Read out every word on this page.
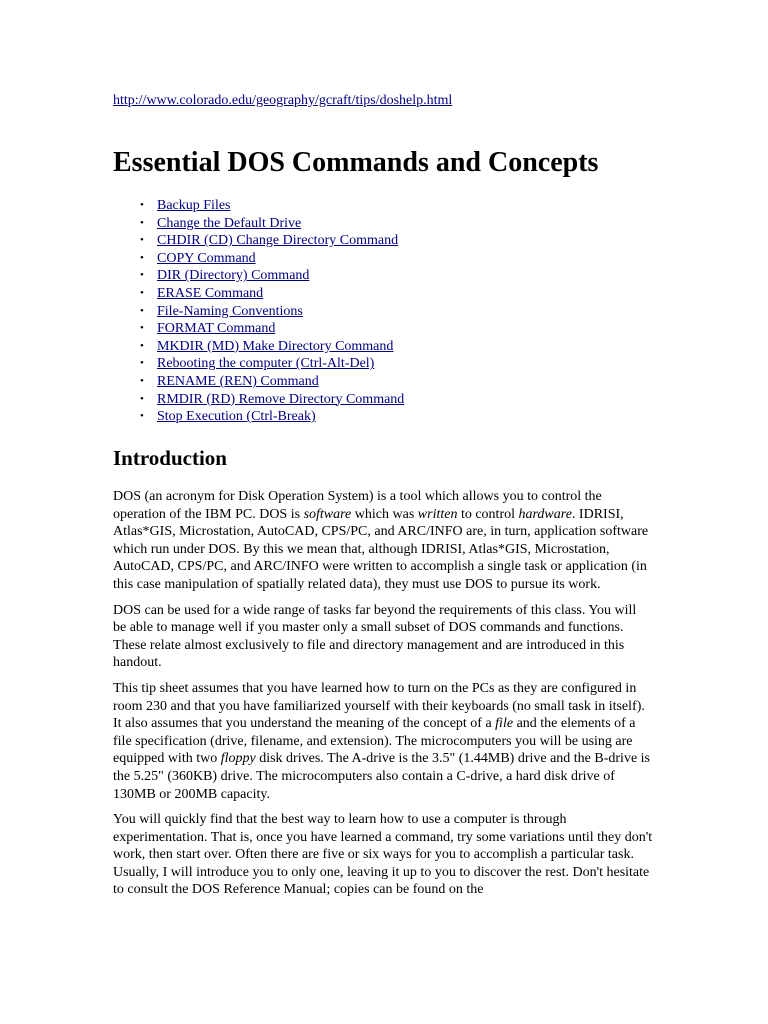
http://www.colorado.edu/geography/gcraft/tips/doshelp.html
Essential DOS Commands and Concepts
• Backup Files
• Change the Default Drive
• CHDIR (CD) Change Directory Command
• COPY Command
• DIR (Directory) Command
• ERASE Command
• File-Naming Conventions
• FORMAT Command
• MKDIR (MD) Make Directory Command
• Rebooting the computer (Ctrl-Alt-Del)
• RENAME (REN) Command
• RMDIR (RD) Remove Directory Command
• Stop Execution (Ctrl-Break)
Introduction

DOS (an acronym for Disk Operation System) is a tool which allows you to control the operation of the IBM PC. DOS is software which was written to control hardware. IDRISI, Atlas*GIS, Microstation, AutoCAD, CPS/PC, and ARC/INFO are, in turn, application software which run under DOS. By this we mean that, although IDRISI, Atlas*GIS, Microstation, AutoCAD, CPS/PC, and ARC/INFO were written to accomplish a single task or application (in this case manipulation of spatially related data), they must use DOS to pursue its work.

DOS can be used for a wide range of tasks far beyond the requirements of this class. You will be able to manage well if you master only a small subset of DOS commands and functions. These relate almost exclusively to file and directory management and are introduced in this handout.

This tip sheet assumes that you have learned how to turn on the PCs as they are configured in room 230 and that you have familiarized yourself with their keyboards (no small task in itself). It also assumes that you understand the meaning of the concept of a file and the elements of a file specification (drive, filename, and extension). The microcomputers you will be using are equipped with two floppy disk drives. The A-drive is the 3.5" (1.44MB) drive and the B-drive is the 5.25" (360KB) drive. The microcomputers also contain a C-drive, a hard disk drive of 130MB or 200MB capacity.

You will quickly find that the best way to learn how to use a computer is through experimentation. That is, once you have learned a command, try some variations until they don't work, then start over. Often there are five or six ways for you to accomplish a particular task. Usually, I will introduce you to only one, leaving it up to you to discover the rest. Don't hesitate to consult the DOS Reference Manual; copies can be found on the
